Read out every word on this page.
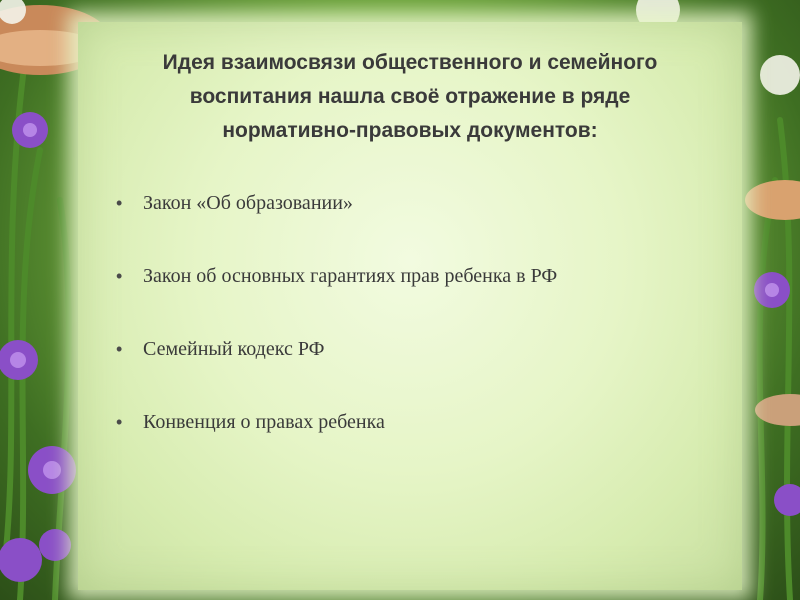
Идея взаимосвязи общественного и семейного
воспитания нашла своё отражение в ряде
нормативно-правовых документов:
•	Закон «Об образовании»
•	Закон об основных гарантиях прав ребенка в РФ
•	Семейный кодекс РФ
•	Конвенция о правах ребенка
